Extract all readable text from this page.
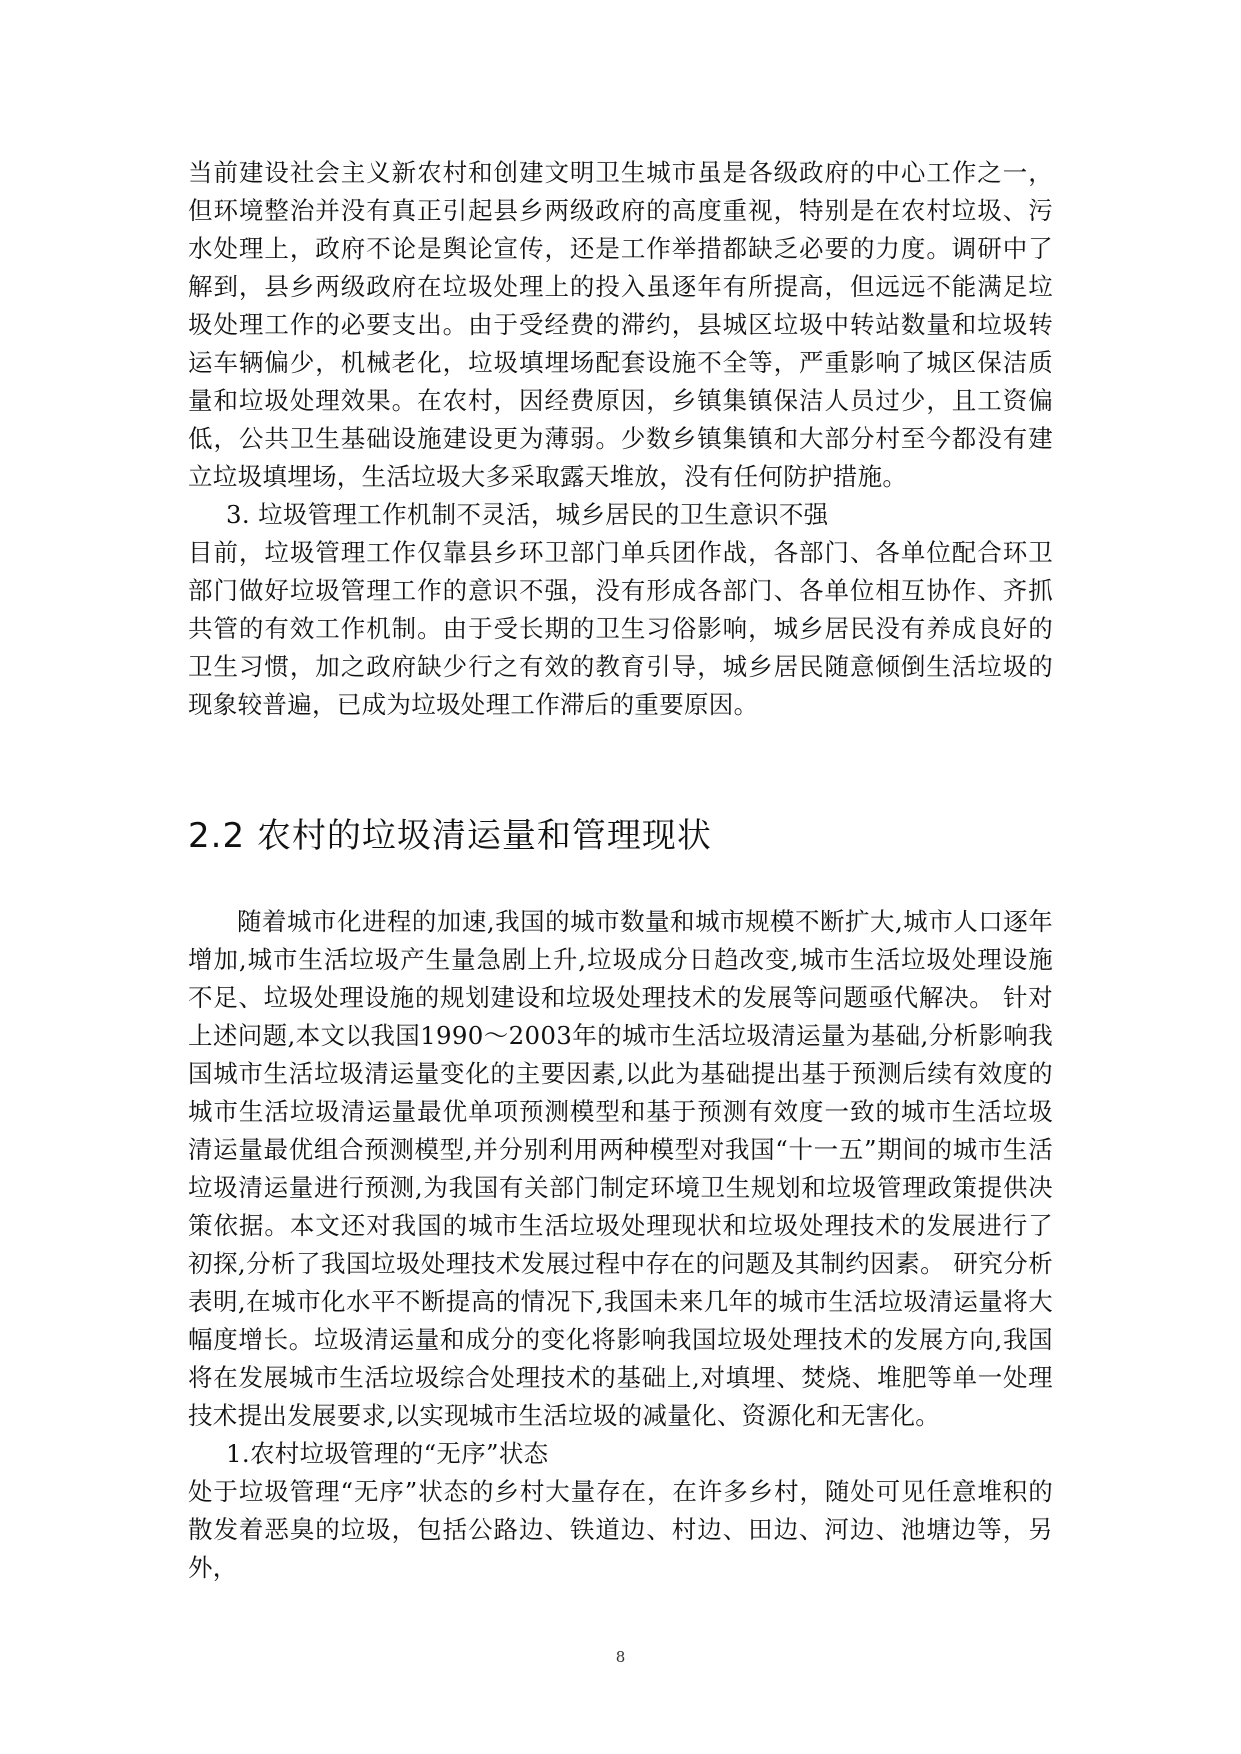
当前建设社会主义新农村和创建文明卫生城市虽是各级政府的中心工作之一，但环境整治并没有真正引起县乡两级政府的高度重视，特别是在农村垃圾、污水处理上，政府不论是舆论宣传，还是工作举措都缺乏必要的力度。调研中了解到，县乡两级政府在垃圾处理上的投入虽逐年有所提高，但远远不能满足垃圾处理工作的必要支出。由于受经费的滞约，县城区垃圾中转站数量和垃圾转运车辆偏少，机械老化，垃圾填埋场配套设施不全等，严重影响了城区保洁质量和垃圾处理效果。在农村，因经费原因，乡镇集镇保洁人员过少，且工资偏低，公共卫生基础设施建设更为薄弱。少数乡镇集镇和大部分村至今都没有建立垃圾填埋场，生活垃圾大多采取露天堆放，没有任何防护措施。

3. 垃圾管理工作机制不灵活，城乡居民的卫生意识不强

目前，垃圾管理工作仅靠县乡环卫部门单兵团作战，各部门、各单位配合环卫部门做好垃圾管理工作的意识不强，没有形成各部门、各单位相互协作、齐抓共管的有效工作机制。由于受长期的卫生习俗影响，城乡居民没有养成良好的卫生习惯，加之政府缺少行之有效的教育引导，城乡居民随意倾倒生活垃圾的现象较普遍，已成为垃圾处理工作滞后的重要原因。

2.2 农村的垃圾清运量和管理现状

随着城市化进程的加速,我国的城市数量和城市规模不断扩大,城市人口逐年增加,城市生活垃圾产生量急剧上升,垃圾成分日趋改变,城市生活垃圾处理设施不足、垃圾处理设施的规划建设和垃圾处理技术的发展等问题亟代解决。 针对上述问题,本文以我国1990～2003年的城市生活垃圾清运量为基础,分析影响我国城市生活垃圾清运量变化的主要因素,以此为基础提出基于预测后续有效度的城市生活垃圾清运量最优单项预测模型和基于预测有效度一致的城市生活垃圾清运量最优组合预测模型,并分别利用两种模型对我国“十一五”期间的城市生活垃圾清运量进行预测,为我国有关部门制定环境卫生规划和垃圾管理政策提供决策依据。本文还对我国的城市生活垃圾处理现状和垃圾处理技术的发展进行了初探,分析了我国垃圾处理技术发展过程中存在的问题及其制约因素。 研究分析表明,在城市化水平不断提高的情况下,我国未来几年的城市生活垃圾清运量将大幅度增长。垃圾清运量和成分的变化将影响我国垃圾处理技术的发展方向,我国将在发展城市生活垃圾综合处理技术的基础上,对填埋、焚烧、堆肥等单一处理技术提出发展要求,以实现城市生活垃圾的减量化、资源化和无害化。

1.农村垃圾管理的“无序”状态

处于垃圾管理“无序”状态的乡村大量存在，在许多乡村，随处可见任意堆积的散发着恶臭的垃圾，包括公路边、铁道边、村边、田边、河边、池塘边等，另外，

8
